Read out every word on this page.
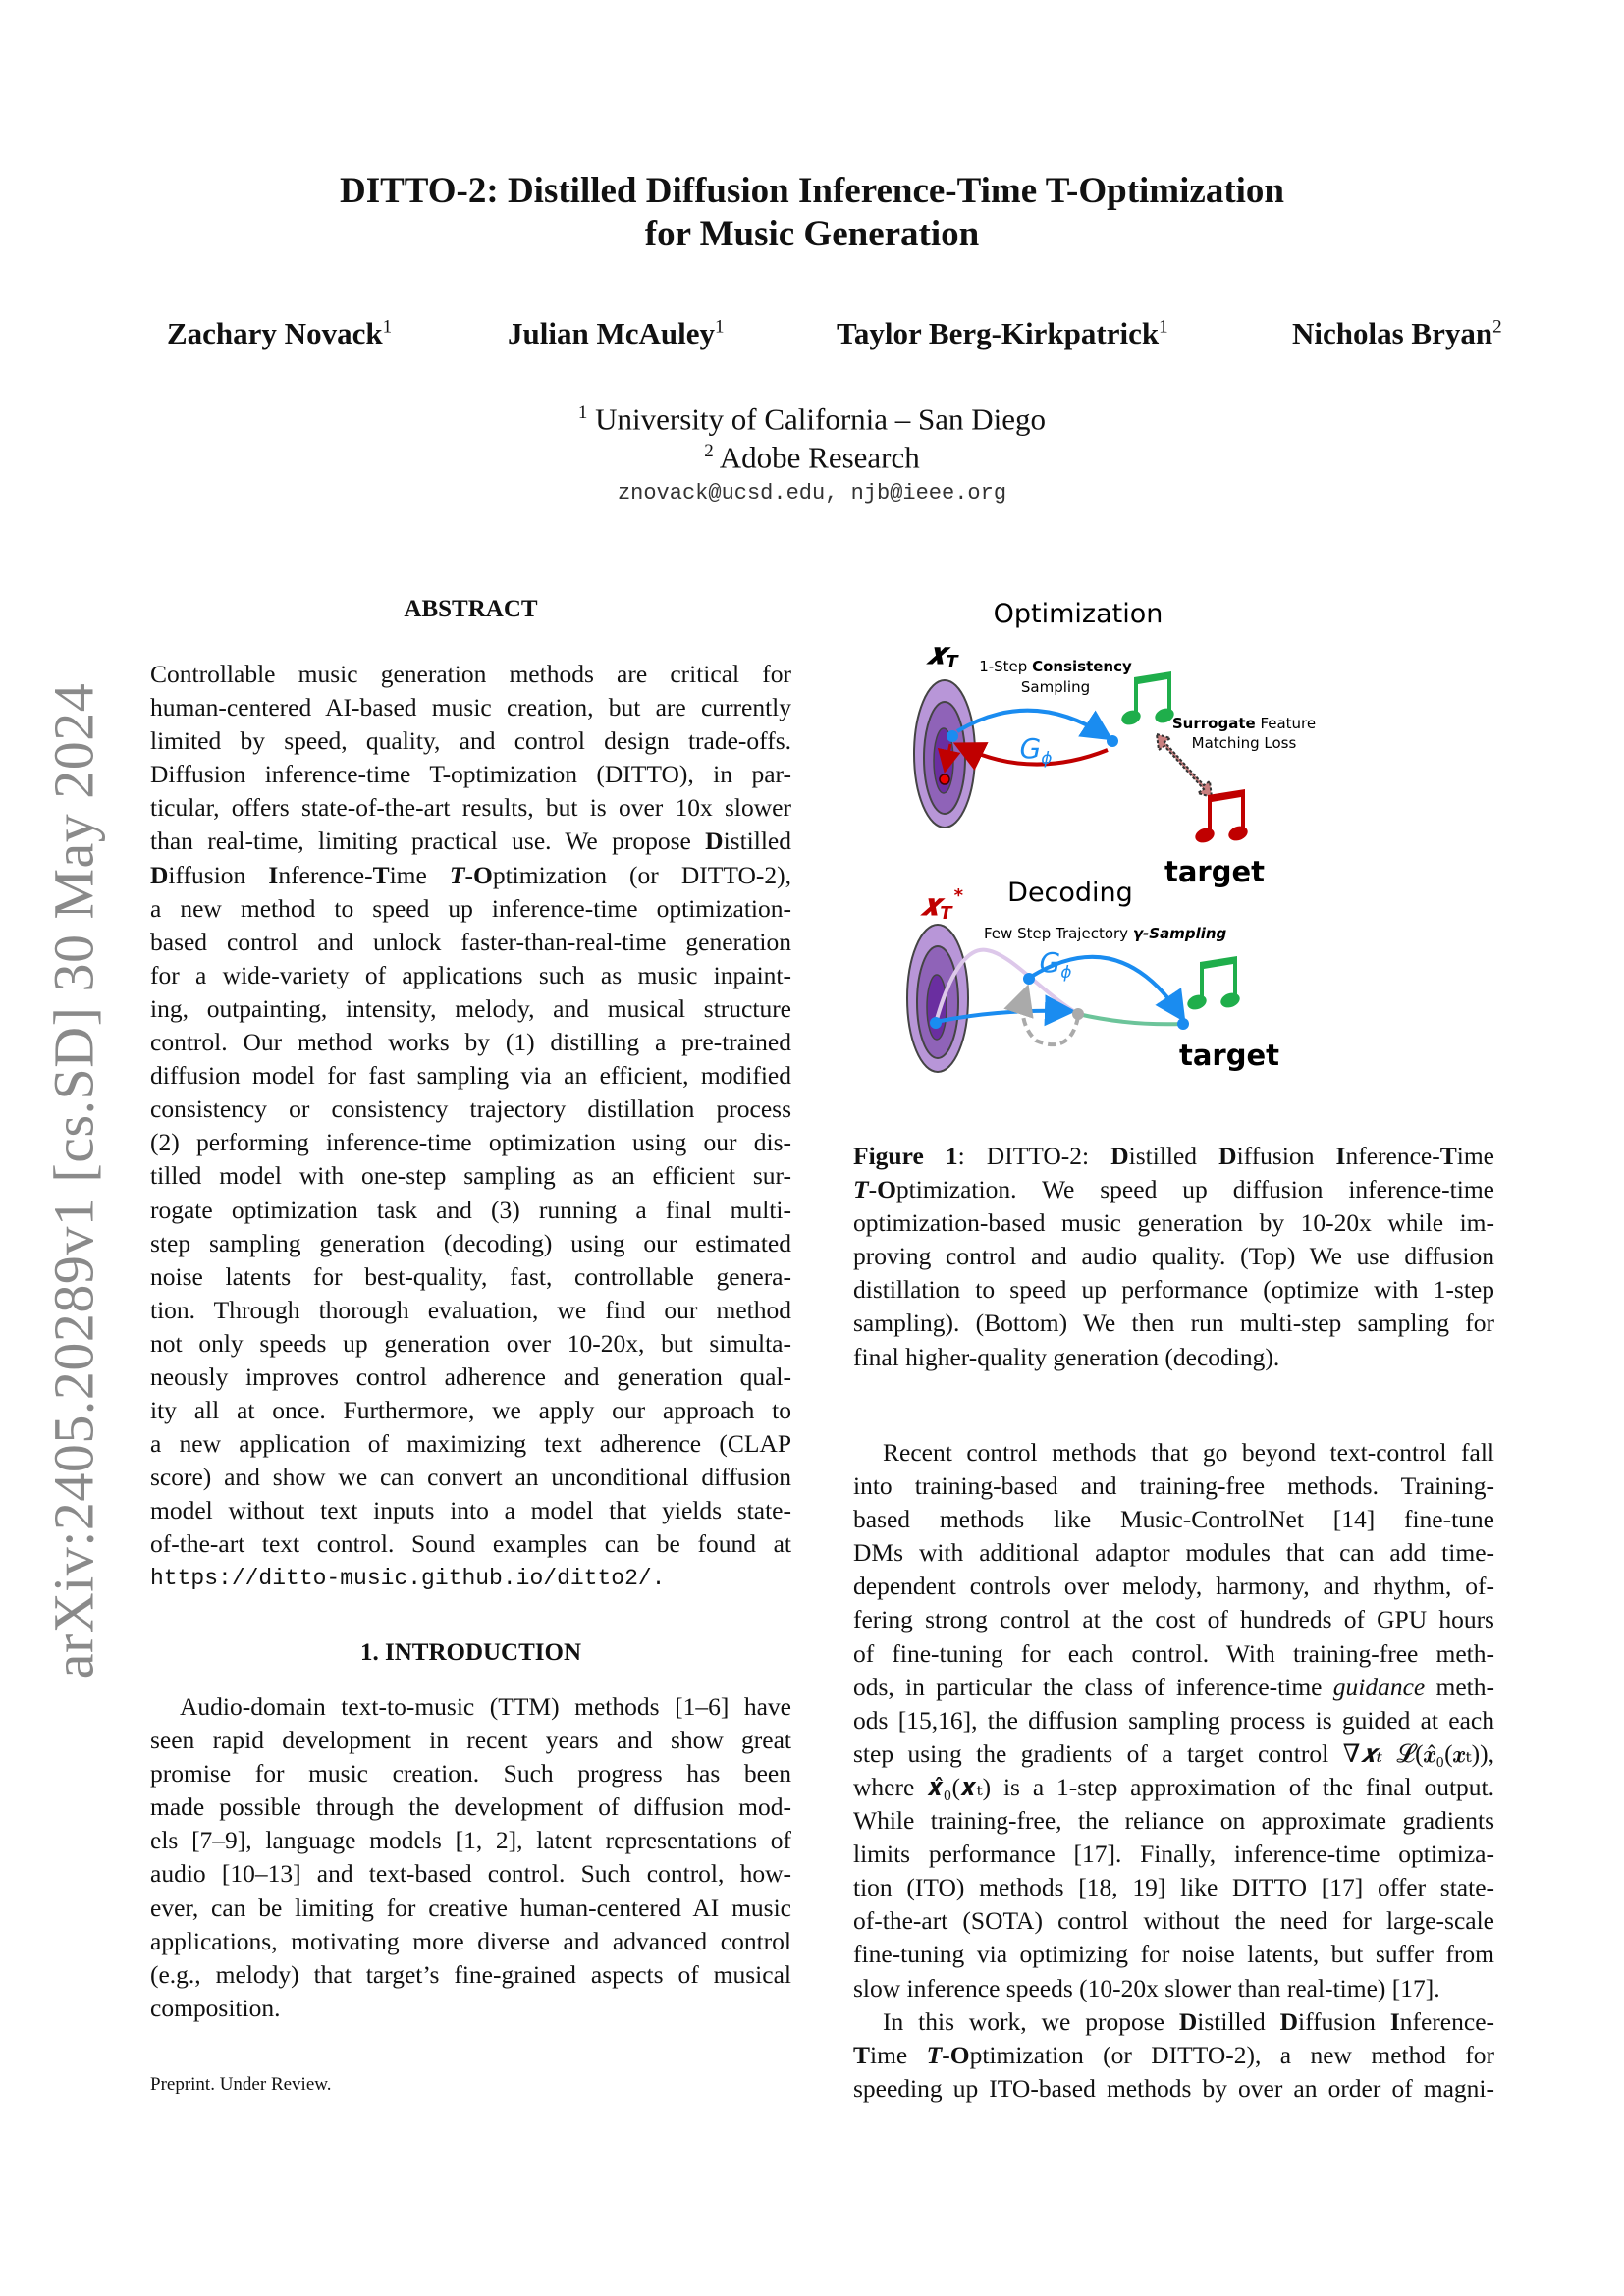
arXiv:2405.20289v1 [cs.SD] 30 May 2024
DITTO-2: Distilled Diffusion Inference-Time T-Optimization
for Music Generation
Zachary Novack$^1$	Julian McAuley$^1$	Taylor Berg-Kirkpatrick$^1$	Nicholas Bryan$^2$
$^1$ University of California – San Diego
$^2$ Adobe Research
znovack@ucsd.edu, njb@ieee.org
ABSTRACT
Controllable music generation methods are critical for
human-centered AI-based music creation, but are currently
limited by speed, quality, and control design trade-offs.
Diffusion inference-time T-optimization (DITTO), in par-
ticular, offers state-of-the-art results, but is over 10x slower
than real-time, limiting practical use. We propose Distilled
Diffusion Inference-Time T-Optimization (or DITTO-2),
a new method to speed up inference-time optimization-
based control and unlock faster-than-real-time generation
for a wide-variety of applications such as music inpaint-
ing, outpainting, intensity, melody, and musical structure
control. Our method works by (1) distilling a pre-trained
diffusion model for fast sampling via an efficient, modified
consistency or consistency trajectory distillation process
(2) performing inference-time optimization using our dis-
tilled model with one-step sampling as an efficient sur-
rogate optimization task and (3) running a final multi-
step sampling generation (decoding) using our estimated
noise latents for best-quality, fast, controllable genera-
tion. Through thorough evaluation, we find our method
not only speeds up generation over 10-20x, but simulta-
neously improves control adherence and generation qual-
ity all at once. Furthermore, we apply our approach to
a new application of maximizing text adherence (CLAP
score) and show we can convert an unconditional diffusion
model without text inputs into a model that yields state-
of-the-art text control. Sound examples can be found at
https://ditto-music.github.io/ditto2/.
1. INTRODUCTION
Audio-domain text-to-music (TTM) methods [1–6] have
seen rapid development in recent years and show great
promise for music creation. Such progress has been
made possible through the development of diffusion mod-
els [7–9], language models [1, 2], latent representations of
audio [10–13] and text-based control. Such control, how-
ever, can be limiting for creative human-centered AI music
applications, motivating more diverse and advanced control
(e.g., melody) that target’s fine-grained aspects of musical
composition.
Preprint. Under Review.
Optimization
𝒙T 1-Step Consistency
Sampling
$G_\phi$
Surrogate Feature
Matching Loss
target
Decoding
𝒙T*
Few Step Trajectory γ-Sampling
$G_\phi$
target
Figure 1: DITTO-2: Distilled Diffusion Inference-Time
T-Optimization. We speed up diffusion inference-time
optimization-based music generation by 10-20x while im-
proving control and audio quality. (Top) We use diffusion
distillation to speed up performance (optimize with 1-step
sampling). (Bottom) We then run multi-step sampling for
final higher-quality generation (decoding).
Recent control methods that go beyond text-control fall
into training-based and training-free methods. Training-
based methods like Music-ControlNet [14] fine-tune
DMs with additional adaptor modules that can add time-
dependent controls over melody, harmony, and rhythm, of-
fering strong control at the cost of hundreds of GPU hours
of fine-tuning for each control. With training-free meth-
ods, in particular the class of inference-time guidance meth-
ods [15,16], the diffusion sampling process is guided at each
step using the gradients of a target control ∇𝒙ₜ 𝓛(𝒙̂₀(𝒙ₜ)),
where 𝒙̂₀(𝒙ₜ) is a 1-step approximation of the final output.
While training-free, the reliance on approximate gradients
limits performance [17]. Finally, inference-time optimiza-
tion (ITO) methods [18, 19] like DITTO [17] offer state-
of-the-art (SOTA) control without the need for large-scale
fine-tuning via optimizing for noise latents, but suffer from
slow inference speeds (10-20x slower than real-time) [17].
In this work, we propose Distilled Diffusion Inference-
Time T-Optimization (or DITTO-2), a new method for
speeding up ITO-based methods by over an order of magni-
